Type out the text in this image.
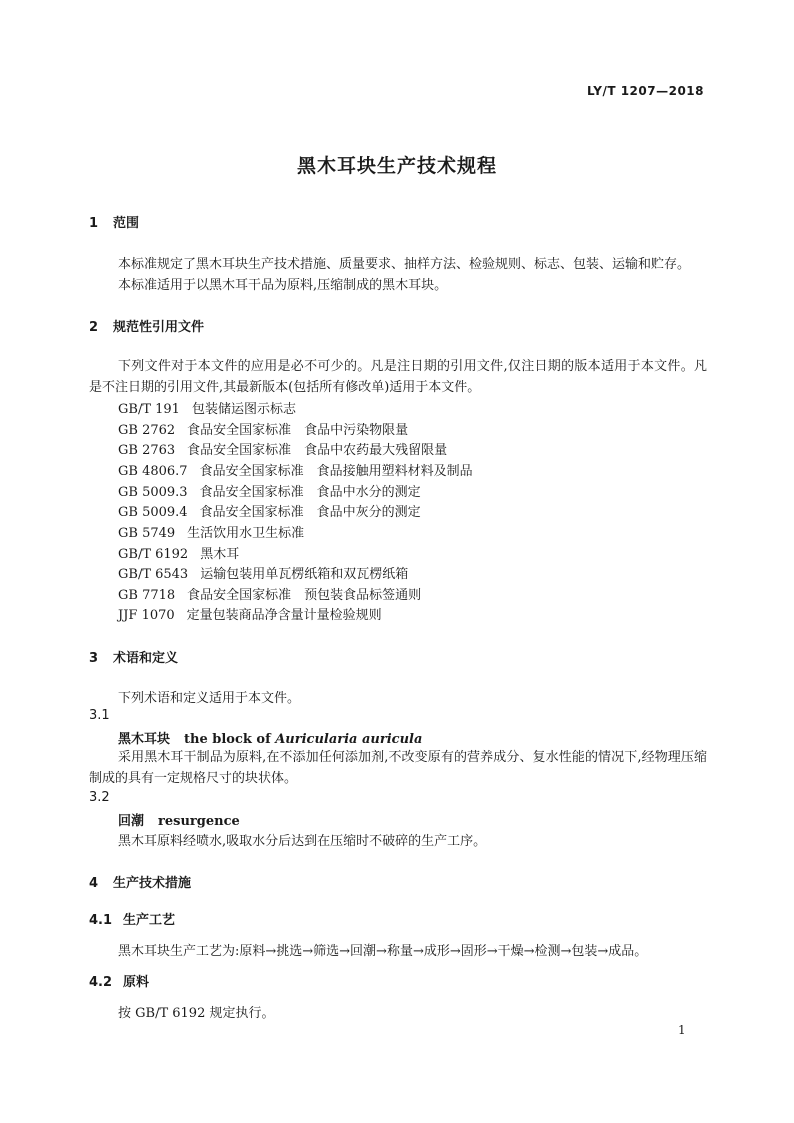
LY/T 1207—2018
黑木耳块生产技术规程
1 范围
本标准规定了黑木耳块生产技术措施、质量要求、抽样方法、检验规则、标志、包装、运输和贮存。
本标准适用于以黑木耳干品为原料,压缩制成的黑木耳块。
2 规范性引用文件
下列文件对于本文件的应用是必不可少的。凡是注日期的引用文件,仅注日期的版本适用于本文件。凡是不注日期的引用文件,其最新版本(包括所有修改单)适用于本文件。
GB/T 191 包装储运图示标志
GB 2762 食品安全国家标准　食品中污染物限量
GB 2763 食品安全国家标准　食品中农药最大残留限量
GB 4806.7 食品安全国家标准　食品接触用塑料材料及制品
GB 5009.3 食品安全国家标准　食品中水分的测定
GB 5009.4 食品安全国家标准　食品中灰分的测定
GB 5749 生活饮用水卫生标准
GB/T 6192 黑木耳
GB/T 6543 运输包装用单瓦楞纸箱和双瓦楞纸箱
GB 7718 食品安全国家标准　预包装食品标签通则
JJF 1070 定量包装商品净含量计量检验规则
3 术语和定义
下列术语和定义适用于本文件。
3.1
黑木耳块 the block of Auricularia auricula
采用黑木耳干制品为原料,在不添加任何添加剂,不改变原有的营养成分、复水性能的情况下,经物理压缩制成的具有一定规格尺寸的块状体。
3.2
回潮 resurgence
黑木耳原料经喷水,吸取水分后达到在压缩时不破碎的生产工序。
4 生产技术措施
4.1 生产工艺
黑木耳块生产工艺为:原料→挑选→筛选→回潮→称量→成形→固形→干燥→检测→包装→成品。
4.2 原料
按 GB/T 6192 规定执行。
1
